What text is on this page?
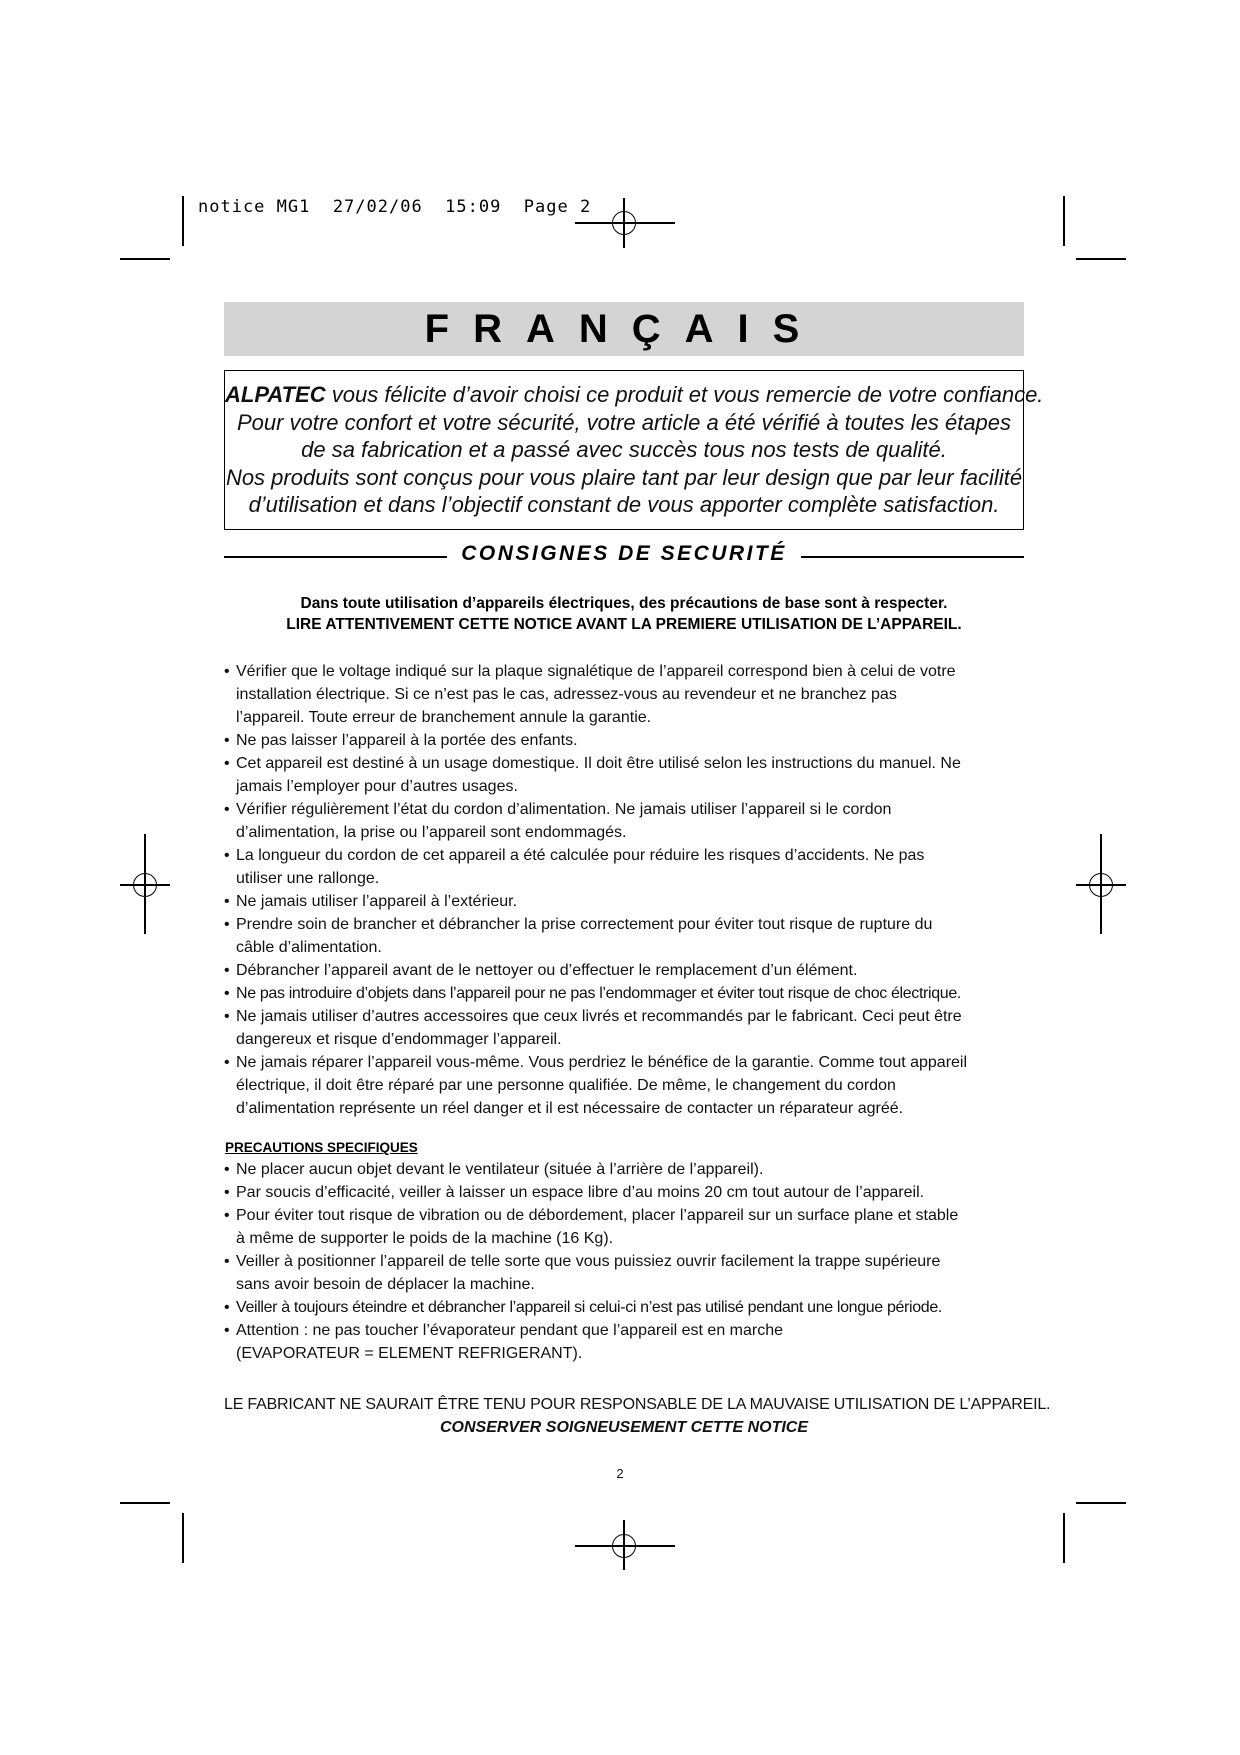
notice MG1  27/02/06  15:09  Page 2
FRANÇAIS
ALPATEC vous félicite d’avoir choisi ce produit et vous remercie de votre confiance.
Pour votre confort et votre sécurité, votre article a été vérifié à toutes les étapes
de sa fabrication et a passé avec succès tous nos tests de qualité.
Nos produits sont conçus pour vous plaire tant par leur design que par leur facilité
d’utilisation et dans l’objectif constant de vous apporter complète satisfaction.
CONSIGNES DE SECURITÉ
Dans toute utilisation d’appareils électriques, des précautions de base sont à respecter.
LIRE ATTENTIVEMENT CETTE NOTICE AVANT LA PREMIERE UTILISATION DE L’APPAREIL.
• Vérifier que le voltage indiqué sur la plaque signalétique de l’appareil correspond bien à celui de votre
installation électrique. Si ce n’est pas le cas, adressez-vous au revendeur et ne branchez pas
l’appareil. Toute erreur de branchement annule la garantie.
• Ne pas laisser l’appareil à la portée des enfants.
• Cet appareil est destiné à un usage domestique. Il doit être utilisé selon les instructions du manuel. Ne
jamais l’employer pour d’autres usages.
• Vérifier régulièrement l’état du cordon d’alimentation. Ne jamais utiliser l’appareil si le cordon
d’alimentation, la prise ou l’appareil sont endommagés.
• La longueur du cordon de cet appareil a été calculée pour réduire les risques d’accidents. Ne pas
utiliser une rallonge.
• Ne jamais utiliser l’appareil à l’extérieur.
• Prendre soin de brancher et débrancher la prise correctement pour éviter tout risque de rupture du
câble d’alimentation.
• Débrancher l’appareil avant de le nettoyer ou d’effectuer le remplacement d’un élément.
• Ne pas introduire d’objets dans l’appareil pour ne pas l’endommager et éviter tout risque de choc électrique.
• Ne jamais utiliser d’autres accessoires que ceux livrés et recommandés par le fabricant. Ceci peut être
dangereux et risque d’endommager l’appareil.
• Ne jamais réparer l’appareil vous-même. Vous perdriez le bénéfice de la garantie. Comme tout appareil
électrique, il doit être réparé par une personne qualifiée. De même, le changement du cordon
d’alimentation représente un réel danger et il est nécessaire de contacter un réparateur agréé.
PRECAUTIONS SPECIFIQUES
• Ne placer aucun objet devant le ventilateur (située à l’arrière de l’appareil).
• Par soucis d’efficacité, veiller à laisser un espace libre d’au moins 20 cm tout autour de l’appareil.
• Pour éviter tout risque de vibration ou de débordement, placer l’appareil sur un surface plane et stable
à même de supporter le poids de la machine (16 Kg).
• Veiller à positionner l’appareil de telle sorte que vous puissiez ouvrir facilement la trappe supérieure
sans avoir besoin de déplacer la machine.
• Veiller à toujours éteindre et débrancher l’appareil si celui-ci n’est pas utilisé pendant une longue période.
• Attention : ne pas toucher l’évaporateur pendant que l’appareil est en marche
(EVAPORATEUR = ELEMENT REFRIGERANT).
LE FABRICANT NE SAURAIT ÊTRE TENU POUR RESPONSABLE DE LA MAUVAISE UTILISATION DE L’APPAREIL.
CONSERVER SOIGNEUSEMENT CETTE NOTICE
2
